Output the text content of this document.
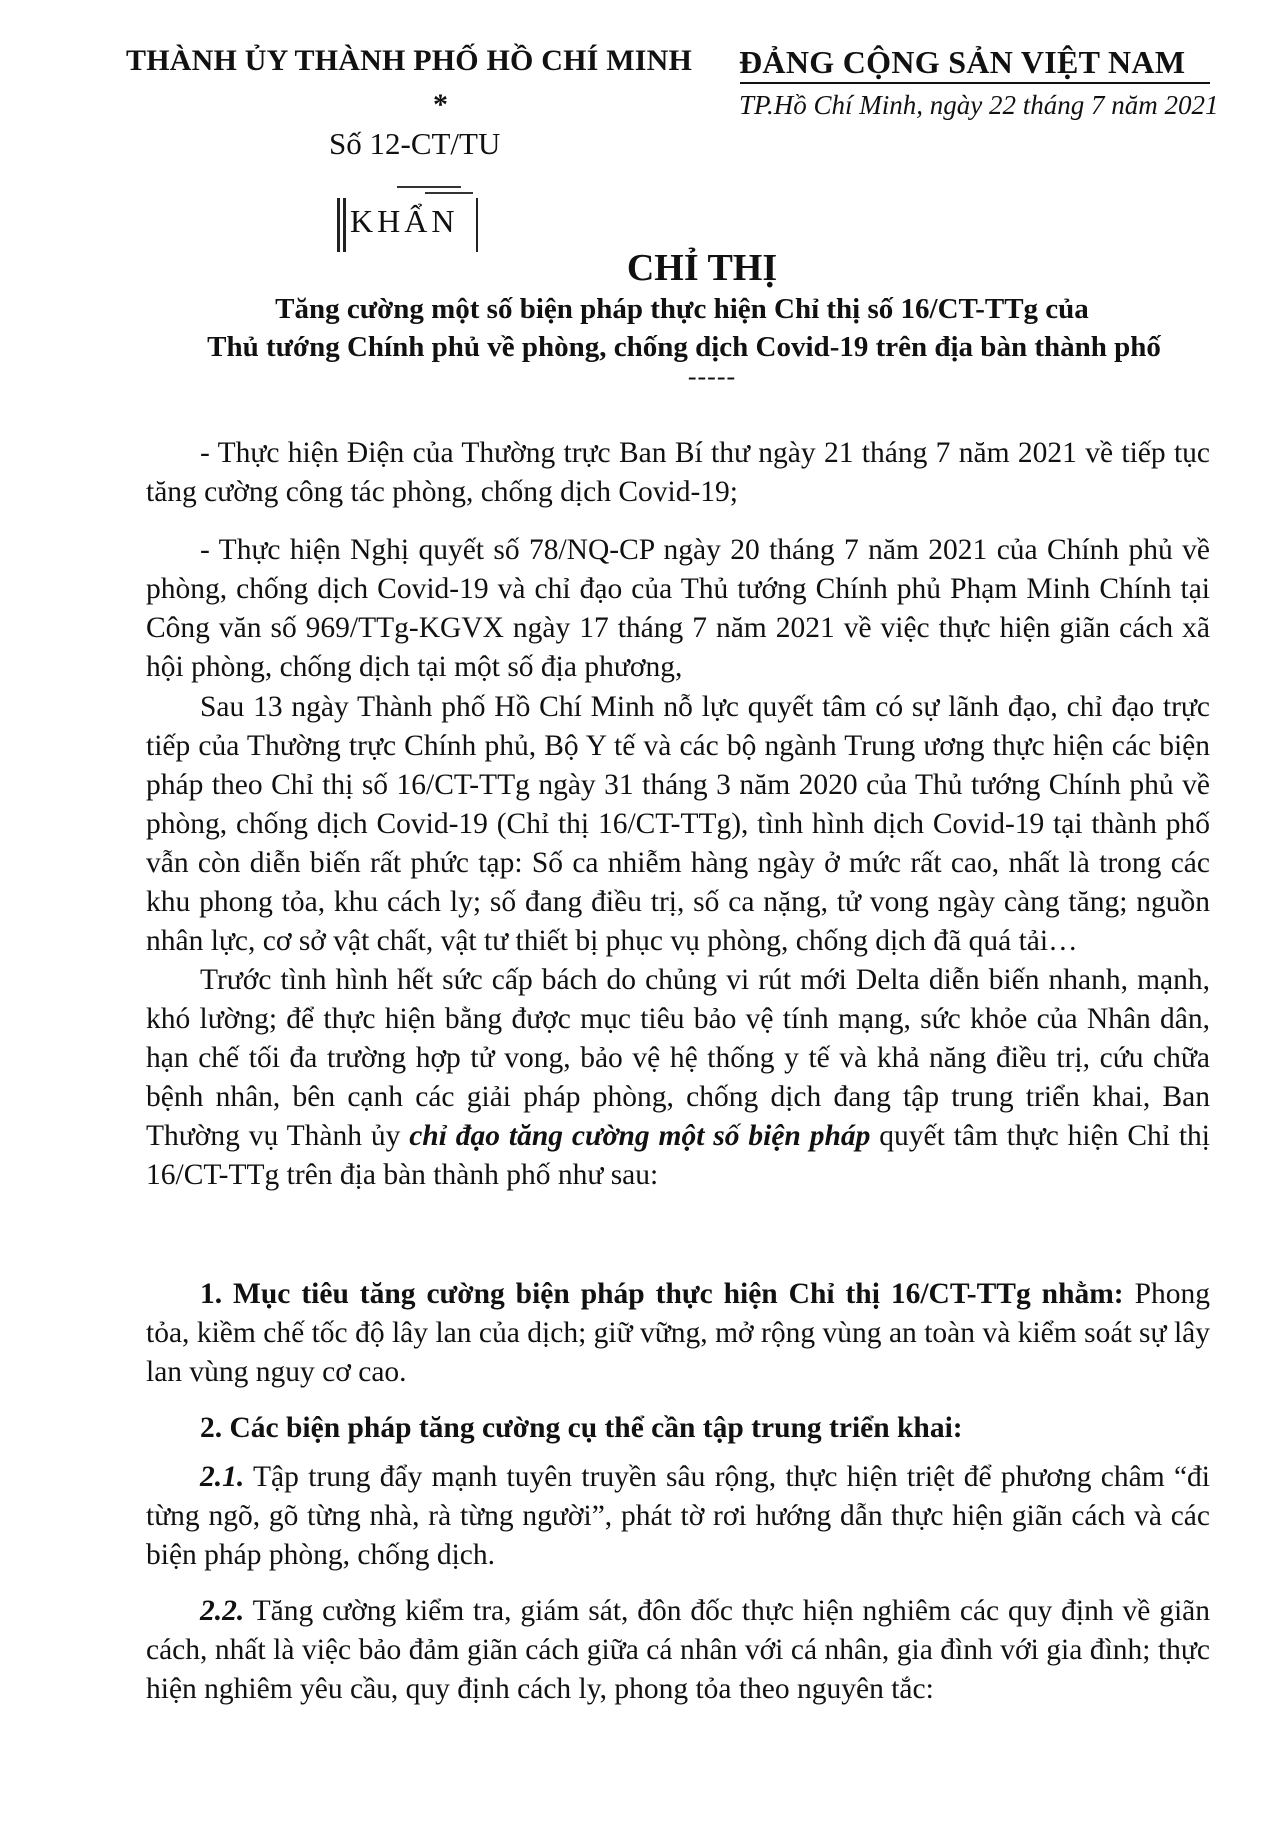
THÀNH ỦY THÀNH PHỐ HỒ CHÍ MINH
*
Số 12-CT/TU
ĐẢNG CỘNG SẢN VIỆT NAM
TP.Hồ Chí Minh, ngày 22 tháng 7 năm 2021
KHẨN
CHỈ THỊ
Tăng cường một số biện pháp thực hiện Chỉ thị số 16/CT-TTg của
Thủ tướng Chính phủ về phòng, chống dịch Covid-19 trên địa bàn thành phố
-----
- Thực hiện Điện của Thường trực Ban Bí thư ngày 21 tháng 7 năm 2021 về tiếp tục tăng cường công tác phòng, chống dịch Covid-19;
- Thực hiện Nghị quyết số 78/NQ-CP ngày 20 tháng 7 năm 2021 của Chính phủ về phòng, chống dịch Covid-19 và chỉ đạo của Thủ tướng Chính phủ Phạm Minh Chính tại Công văn số 969/TTg-KGVX ngày 17 tháng 7 năm 2021 về việc thực hiện giãn cách xã hội phòng, chống dịch tại một số địa phương,
Sau 13 ngày Thành phố Hồ Chí Minh nỗ lực quyết tâm có sự lãnh đạo, chỉ đạo trực tiếp của Thường trực Chính phủ, Bộ Y tế và các bộ ngành Trung ương thực hiện các biện pháp theo Chỉ thị số 16/CT-TTg ngày 31 tháng 3 năm 2020 của Thủ tướng Chính phủ về phòng, chống dịch Covid-19 (Chỉ thị 16/CT-TTg), tình hình dịch Covid-19 tại thành phố vẫn còn diễn biến rất phức tạp: Số ca nhiễm hàng ngày ở mức rất cao, nhất là trong các khu phong tỏa, khu cách ly; số đang điều trị, số ca nặng, tử vong ngày càng tăng; nguồn nhân lực, cơ sở vật chất, vật tư thiết bị phục vụ phòng, chống dịch đã quá tải…
Trước tình hình hết sức cấp bách do chủng vi rút mới Delta diễn biến nhanh, mạnh, khó lường; để thực hiện bằng được mục tiêu bảo vệ tính mạng, sức khỏe của Nhân dân, hạn chế tối đa trường hợp tử vong, bảo vệ hệ thống y tế và khả năng điều trị, cứu chữa bệnh nhân, bên cạnh các giải pháp phòng, chống dịch đang tập trung triển khai, Ban Thường vụ Thành ủy chỉ đạo tăng cường một số biện pháp quyết tâm thực hiện Chỉ thị 16/CT-TTg trên địa bàn thành phố như sau:
1. Mục tiêu tăng cường biện pháp thực hiện Chỉ thị 16/CT-TTg nhằm: Phong tỏa, kiềm chế tốc độ lây lan của dịch; giữ vững, mở rộng vùng an toàn và kiểm soát sự lây lan vùng nguy cơ cao.
2. Các biện pháp tăng cường cụ thể cần tập trung triển khai:
2.1. Tập trung đẩy mạnh tuyên truyền sâu rộng, thực hiện triệt để phương châm “đi từng ngõ, gõ từng nhà, rà từng người”, phát tờ rơi hướng dẫn thực hiện giãn cách và các biện pháp phòng, chống dịch.
2.2. Tăng cường kiểm tra, giám sát, đôn đốc thực hiện nghiêm các quy định về giãn cách, nhất là việc bảo đảm giãn cách giữa cá nhân với cá nhân, gia đình với gia đình; thực hiện nghiêm yêu cầu, quy định cách ly, phong tỏa theo nguyên tắc:
